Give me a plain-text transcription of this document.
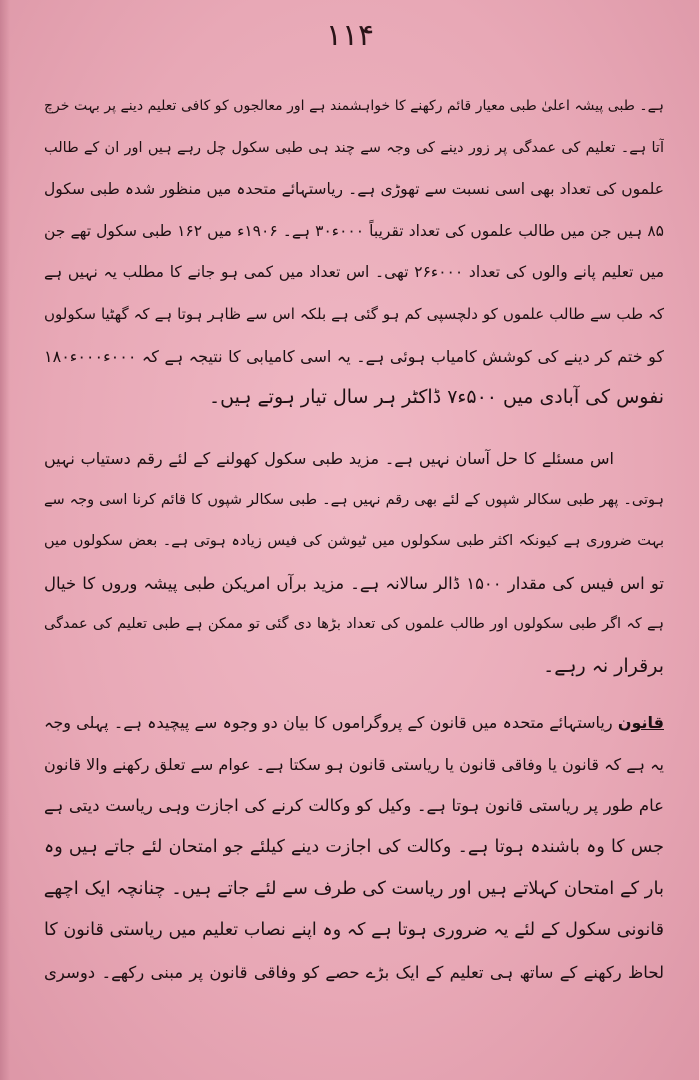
۱۱۴
ہے۔ طبی پیشہ اعلیٰ طبی معیار قائم رکھنے کا خواہشمند ہے اور معالجوں کو کافی تعلیم دینے پر بہت خرچ
آتا ہے۔ تعلیم کی عمدگی پر زور دینے کی وجہ سے چند ہی طبی سکول چل رہے ہیں اور ان کے طالب
علموں کی تعداد بھی اسی نسبت سے تھوڑی ہے۔ ریاستہائے متحدہ میں منظور شدہ طبی سکول
۸۵ ہیں جن میں طالب علموں کی تعداد تقریباً ۰۰۰ء۳۰ ہے۔ ۱۹۰۶ء میں ۱۶۲ طبی سکول تھے جن
میں تعلیم پانے والوں کی تعداد ۰۰۰ء۲۶ تھی۔ اس تعداد میں کمی ہو جانے کا مطلب یہ نہیں ہے
کہ طب سے طالب علموں کو دلچسپی کم ہو گئی ہے بلکہ اس سے ظاہر ہوتا ہے کہ گھٹیا سکولوں
کو ختم کر دینے کی کوشش کامیاب ہوئی ہے۔ یہ اسی کامیابی کا نتیجہ ہے کہ ۰۰۰ء۰۰۰ء۱۸۰
نفوس کی آبادی میں ۵۰۰ء۷ ڈاکٹر ہر سال تیار ہوتے ہیں۔
اس مسئلے کا حل آسان نہیں ہے۔ مزید طبی سکول کھولنے کے لئے رقم دستیاب نہیں
ہوتی۔ پھر طبی سکالر شپوں کے لئے بھی رقم نہیں ہے۔ طبی سکالر شپوں کا قائم کرنا اسی وجہ سے
بہت ضروری ہے کیونکہ اکثر طبی سکولوں میں ٹیوشن کی فیس زیادہ ہوتی ہے۔ بعض سکولوں میں
تو اس فیس کی مقدار ۱۵۰۰ ڈالر سالانہ ہے۔ مزید برآں امریکن طبی پیشہ وروں کا خیال
ہے کہ اگر طبی سکولوں اور طالب علموں کی تعداد بڑھا دی گئی تو ممکن ہے طبی تعلیم کی عمدگی
برقرار نہ رہے۔
قانون ریاستہائے متحدہ میں قانون کے پروگراموں کا بیان دو وجوہ سے پیچیدہ ہے۔ پہلی وجہ
یہ ہے کہ قانون یا وفاقی قانون یا ریاستی قانون ہو سکتا ہے۔ عوام سے تعلق رکھنے والا قانون
عام طور پر ریاستی قانون ہوتا ہے۔ وکیل کو وکالت کرنے کی اجازت وہی ریاست دیتی ہے
جس کا وہ باشندہ ہوتا ہے۔ وکالت کی اجازت دینے کیلئے جو امتحان لئے جاتے ہیں وہ
بار کے امتحان کہلاتے ہیں اور ریاست کی طرف سے لئے جاتے ہیں۔ چنانچہ ایک اچھے
قانونی سکول کے لئے یہ ضروری ہوتا ہے کہ وہ اپنے نصاب تعلیم میں ریاستی قانون کا
لحاظ رکھنے کے ساتھ ہی تعلیم کے ایک بڑے حصے کو وفاقی قانون پر مبنی رکھے۔ دوسری
